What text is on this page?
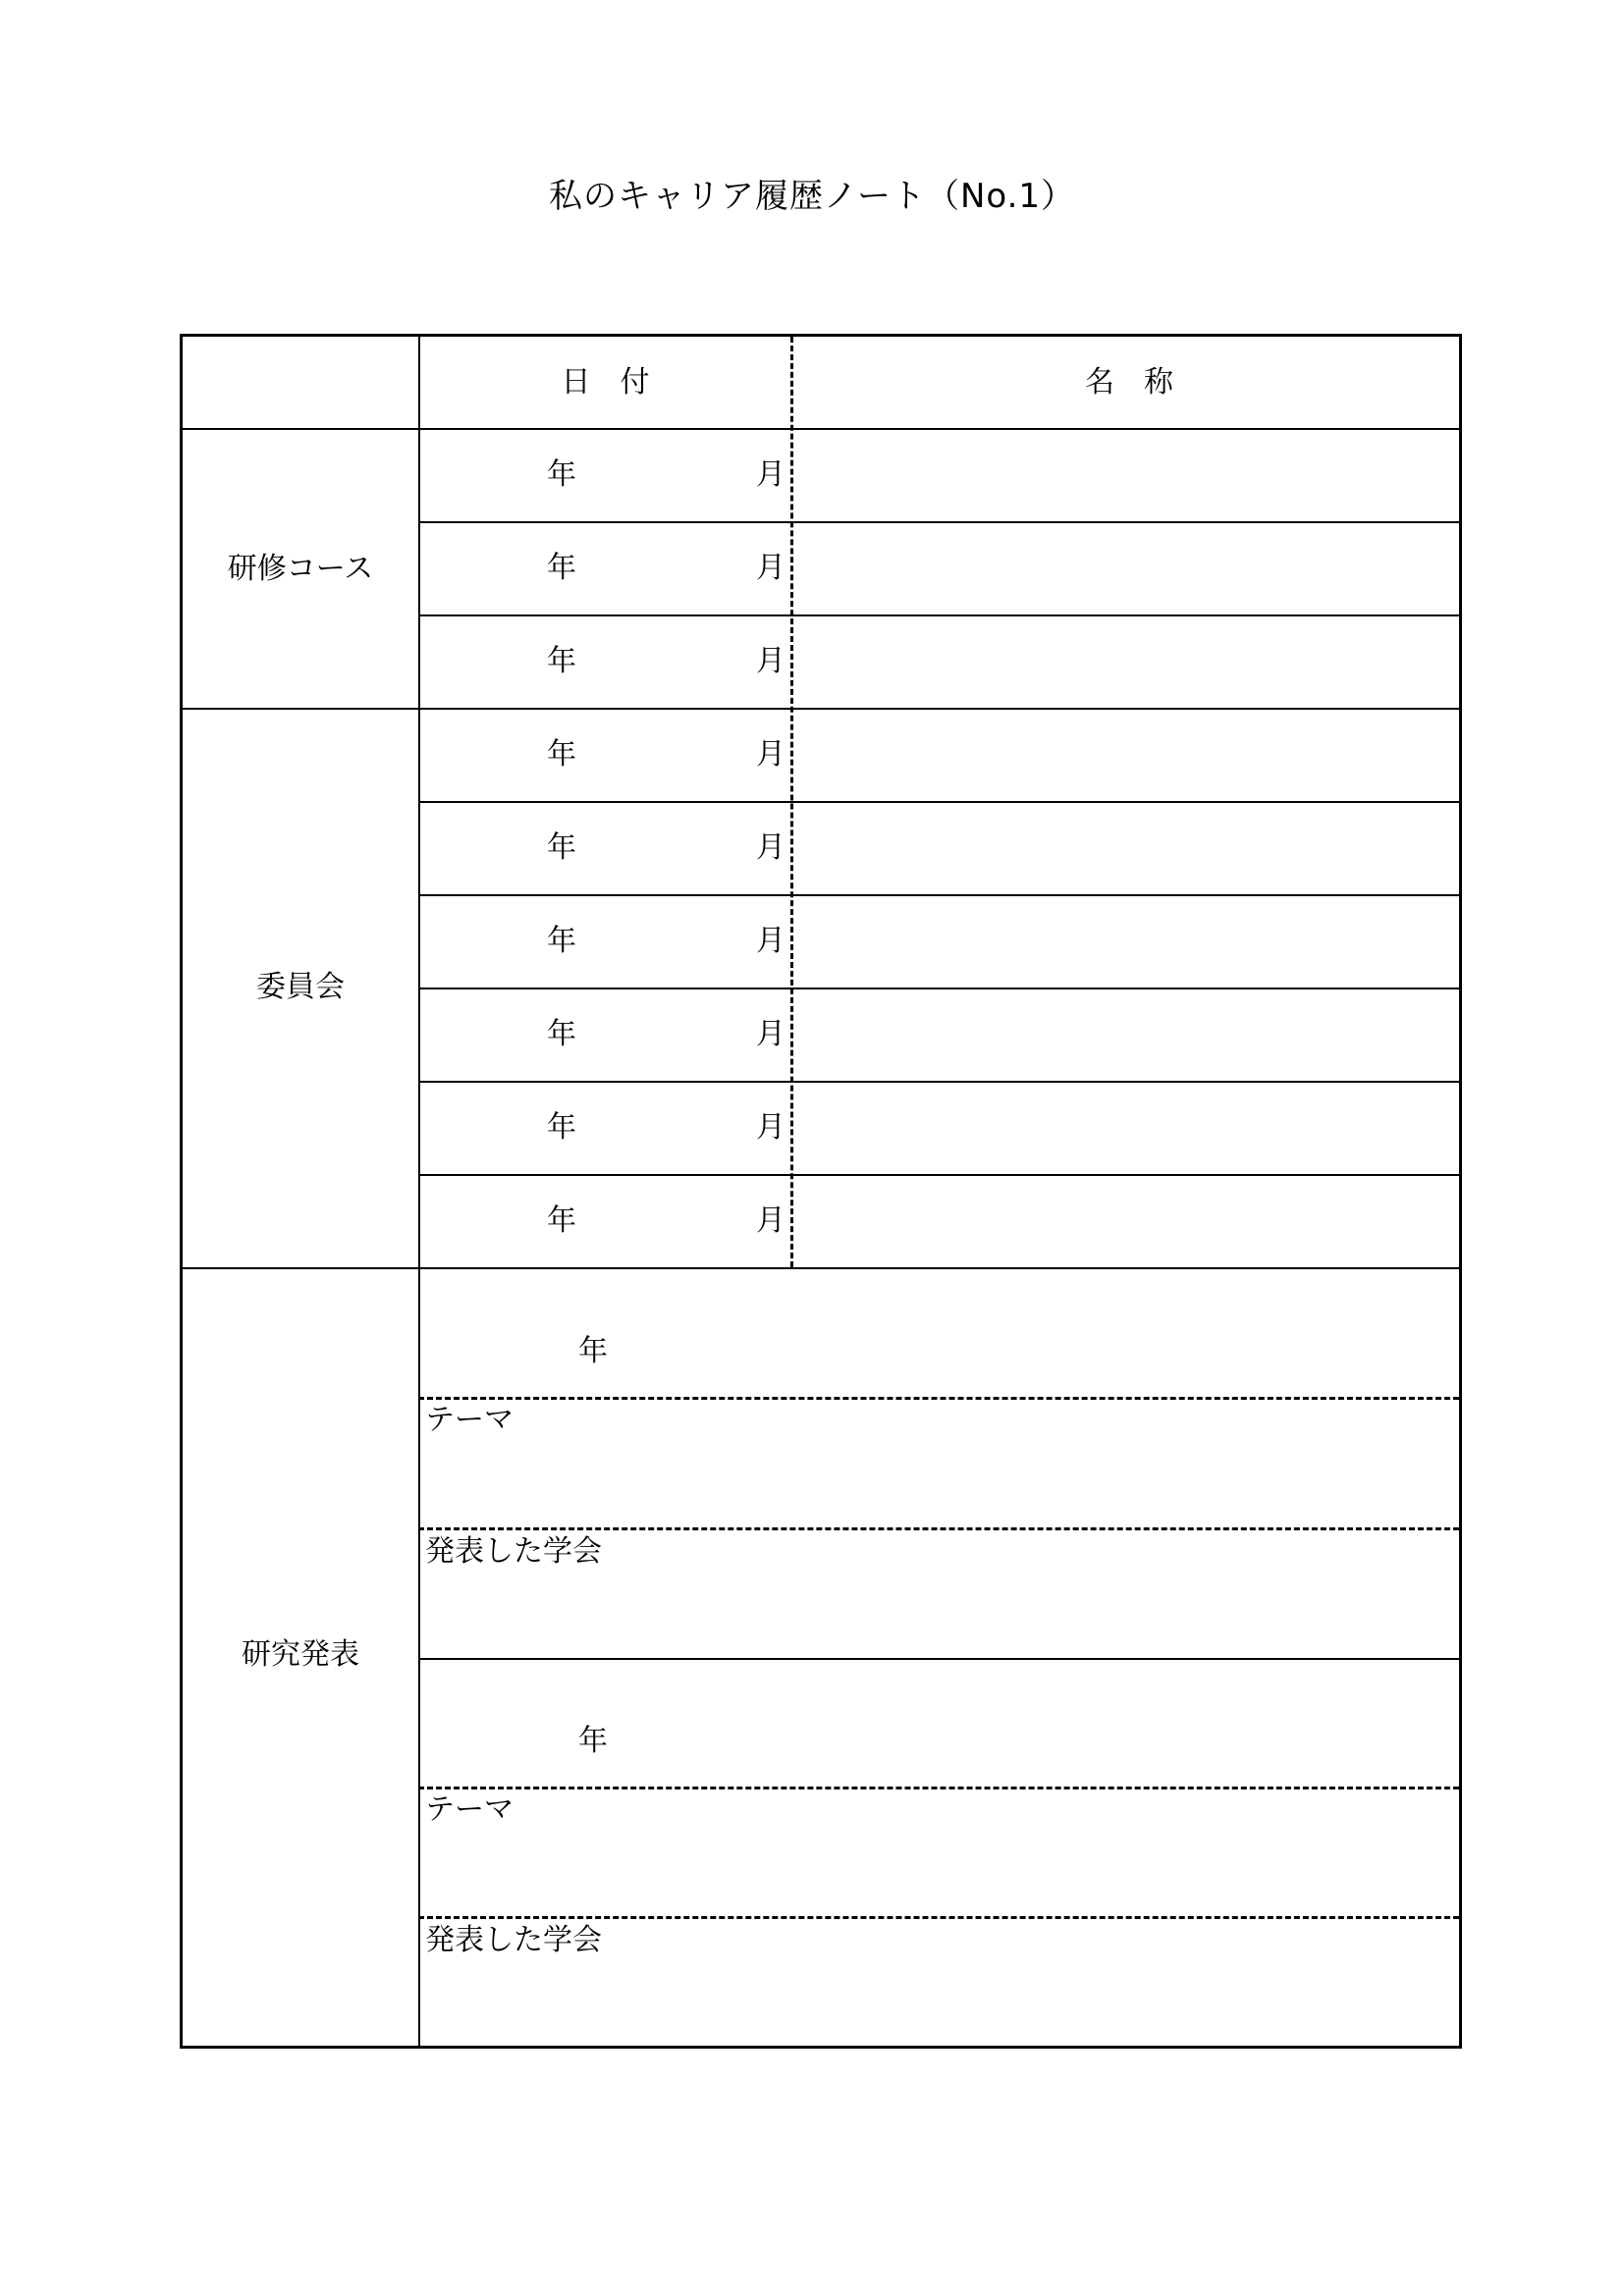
私のキャリア履歴ノート（No.1）
日　付	名　称
研修コース
年	月
年	月
年	月
委員会
年	月
年	月
年	月
年	月
年	月
年	月
研究発表
年
テーマ
発表した学会
年
テーマ
発表した学会
